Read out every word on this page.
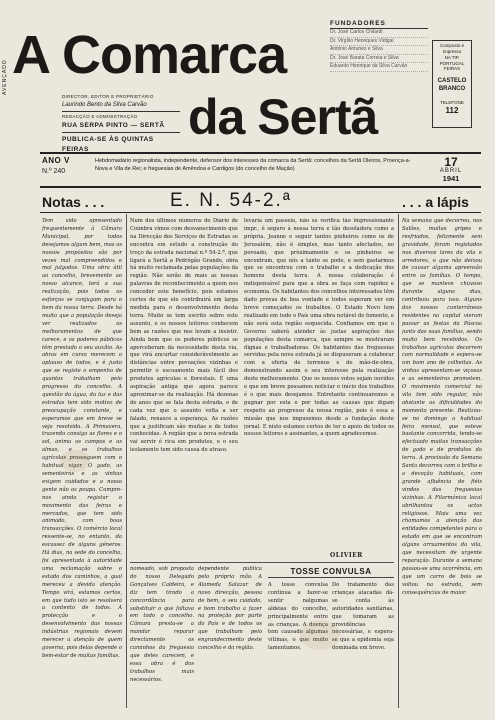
AVENÇADO A Comarca
da Sertã
DIRECTOR, EDITOR E PROPRIETÁRIO
Laurindo Bento da Silva Carvão
REDACÇÃO E ADMINISTRAÇÃO
RUA SERPA PINTO — SERTÃ
PUBLICA-SE ÀS QUINTAS FEIRAS
FUNDADORES
Dr. José Carlos Chilardi
Dr. Virgílio Henriques Vidigal
António Antunes e Silva
Dr. José Barata Correia e Silva
Eduardo Henrique da Silva Carvão
Composto e Impresso
NA TIP. PORTUGAL FEIRAS
CASTELO BRANCO
TELEFONE
112
ANO V
N.º 240
Hebdomadário regionalista, independente, defensor dos interesses da comarca da Sertã: concelhos da Sertã Oleiros, Proença-a-Nova e Vila de Rei; e freguesias de Amêndoa e Cardigos (do concelho de Mação)
17
ABRIL
1941
Notas . . .	E. N. 54-2.ª	. . . a lápis

Tem sido apresentado frequentemente à Câmara Municipal, por todos desejamos algum bem, mas os nossos propósitos são por vezes mal compreendidos e mal julgados. Uma obra útil ao concelho, brevemente ao nosso alcance, terá a sua realização, pois todos os esforços se conjugam para o bem da nossa terra. Desde há muito que a população deseja ver realizados os melhoramentos de que carece, e os poderes públicos têm prestado o seu auxílio. As obras em curso merecem o aplauso de todos, e é justo que se registe o empenho de quantos trabalham pelo progresso do concelho. A questão da água, da luz e das estradas tem sido motivo de preocupação constante, e esperamos que em breve se veja resolvida. A Primavera, trazendo consigo as flores e o sol, anima os campos e as almas, e os trabalhos agrícolas prosseguem com o habitual vigor. O gado, as sementeiras e as vinhas exigem cuidados e a nossa gente não os poupa. Cumpre-nos ainda registar o movimento das feiras e mercados, que tem sido animado, com boas transacções. O comércio local ressente-se, no entanto, da escassez de alguns géneros. Há dias, na sede do concelho, foi apresentada à autoridade uma reclamação sobre o estado dos caminhos, a qual mereceu a devida atenção. Tempo virá, estamos certos, em que tudo isto se resolverá a contento de todos. A protecção e o desenvolvimento das nossas indústrias regionais devem merecer a atenção de quem governa, pois delas depende o bem-estar de muitas famílias.

Num dos últimos números do Diário de Coimbra vimos com desvanecimento que na Direcção dos Serviços de Estradas se encontra em estudo a construção do troço da estrada nacional n.º 54-2.ª, que ligará a Sertã a Pedrógão Grande, obra há muito reclamada pelas populações da região. Não serão de mais as nossas palavras de reconhecimento a quem nos conceder este benefício, pois estamos certos de que ele contribuirá em larga medida para o desenvolvimento desta terra. Muito se tem escrito sobre este assunto, e os nossos leitores conhecem bem as razões que nos levam a insistir. Ainda bem que os poderes públicos se aperceberam da necessidade desta via, que virá encurtar consideràvelmente as distâncias entre povoações vizinhas e permitir o escoamento mais fácil dos produtos agrícolas e florestais. É uma aspiração antiga que agora parece aproximar-se da realização. Há dezenas de anos que se fala desta estrada, e de cada vez que o assunto volta a ser falado, renasce a esperança. As razões que a justificam são muitas e de todos conhecidas. A região que a nova estrada vai servir é rica em produtos, e o seu isolamento tem sido causa de atraso.

levaria um passeio, não se verifica tão impressionante impr.. é seguro à nossa terra e tão desoladora como a própria. Jeanne e seguir tantos pinheiros como os de Jerusalém, não é simples, mas tanto afectados, no povoado, que pròximamente e os pinheiros se encontram, que nós a tanto se pode, e sem gastarmos que se encontrou com o trabalho e a dedicação dos homens desta terra. A nossa colaboração é indispensável para que a obra se faça com rapidez e economia. Os habitantes dos concelhos interessados têm dado provas de boa vontade e todos esperam ver em breve começados os trabalhos. O Estado Novo tem realizado em todo o País uma obra notável de fomento, e não será esta região esquecida. Confiamos em que o Governo saberá atender às justas aspirações das populações desta comarca, que sempre se mostraram dignas e trabalhadoras. Os habitantes das freguesias servidas pela nova estrada já se dispuseram a colaborar com a oferta de terrenos e de mão-de-obra, demonstrando assim o seu interesse pela realização deste melhoramento. Que os nossos votos sejam ouvidos e que em breve possamos noticiar o início dos trabalhos é o que mais desejamos. Entretanto continuaremos a pugnar por esta e por todas as causas que digam respeito ao progresso da nossa região, pois é essa a missão que nos impusemos desde a fundação deste jornal. E nisto estamos certos de ter o apoio de todos os nossos leitores e assinantes, a quem agradecemos.

OLIVIER

Na semana que decorreu, nos Salões, muitas gripes e resfriados, felizmente sem gravidade, foram registados nos diversos lares da vila e arredores, o que não deixou de causar alguma apreensão entre as famílias. O tempo, que se manteve chuvoso durante alguns dias, contribuiu para isso. Alguns dos nossos conterrâneos residentes na capital vieram passar as festas da Páscoa junto das suas famílias, sendo muito bem recebidos. Os trabalhos agrícolas decorrem com normalidade e espera-se um bom ano de colheitas. As vinhas apresentam-se viçosas e as sementeiras prometem. O movimento comercial na vila tem sido regular, não obstante as dificuldades do momento presente. Realizou-se no domingo a habitual feira mensal, que esteve bastante concorrida, tendo-se efectuado muitas transacções de gado e de produtos da terra. A procissão da Semana Santa decorreu com o brilho e a devoção habituais, com grande afluência de fiéis vindos das freguesias vizinhas. A Filarmónica local abrilhantou os actos religiosos. Mais uma vez chamamos a atenção das entidades competentes para o estado em que se encontram alguns arruamentos da vila, que necessitam de urgente reparação. Durante a semana passou-se uma ocorrência, em que um carro de bois se voltou na estrada, sem consequências de maior.

nomeado, sob proposta do nosso Delegado Gonçalves Caldeira, e diz tem tirado a concordância para substituir o que faltava em todo o concelho. Câmara presta-se a mandar reparar directamente os caminhos da freguesia que deles carecem, e essa obra é dos trabalhos mais necessários.

dependente pública pela própria mão. A Alameda Salazar de novo direcção, pessoa de bem, o seu cuidado, e bom trabalho a fazer na proteção por parte do País e de todos os que trabalham pelo engrandecimento deste concelho e da região.

TOSSE CONVULSA

A tosse convulsa continua a fazer-se sentir nalgumas aldeias do concelho, principalmente entre as crianças. A doença tem causado algumas vítimas, o que muito lamentamos.

Do tratamento das crianças atacadas dá-se conta às autoridades sanitárias, que tomaram as providências necessárias, e espera-se que a epidemia seja dominada em breve.
